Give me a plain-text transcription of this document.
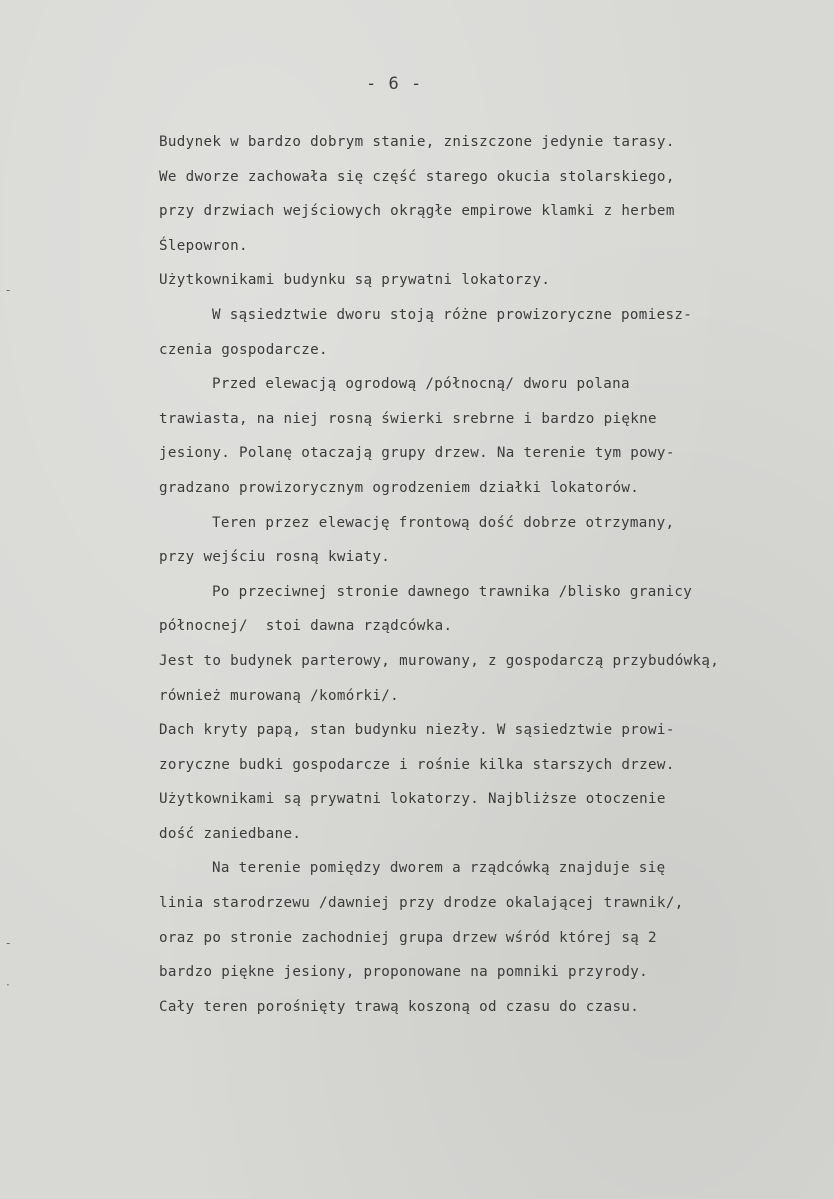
- 6 -
Budynek w bardzo dobrym stanie, zniszczone jedynie tarasy.
We dworze zachowała się część starego okucia stolarskiego,
przy drzwiach wejściowych okrągłe empirowe klamki z herbem
Ślepowron.
Użytkownikami budynku są prywatni lokatorzy.
W sąsiedztwie dworu stoją różne prowizoryczne pomiesz-
czenia gospodarcze.
Przed elewacją ogrodową /północną/ dworu polana
trawiasta, na niej rosną świerki srebrne i bardzo piękne
jesiony. Polanę otaczają grupy drzew. Na terenie tym powy-
gradzano prowizorycznym ogrodzeniem działki lokatorów.
Teren przez elewację frontową dość dobrze otrzymany,
przy wejściu rosną kwiaty.
Po przeciwnej stronie dawnego trawnika /blisko granicy
północnej/  stoi dawna rządcówka.
Jest to budynek parterowy, murowany, z gospodarczą przybudówką,
również murowaną /komórki/.
Dach kryty papą, stan budynku niezły. W sąsiedztwie prowi-
zoryczne budki gospodarcze i rośnie kilka starszych drzew.
Użytkownikami są prywatni lokatorzy. Najbliższe otoczenie
dość zaniedbane.
Na terenie pomiędzy dworem a rządcówką znajduje się
linia starodrzewu /dawniej przy drodze okalającej trawnik/,
oraz po stronie zachodniej grupa drzew wśród której są 2
bardzo piękne jesiony, proponowane na pomniki przyrody.
Cały teren porośnięty trawą koszoną od czasu do czasu.
-
-
·
